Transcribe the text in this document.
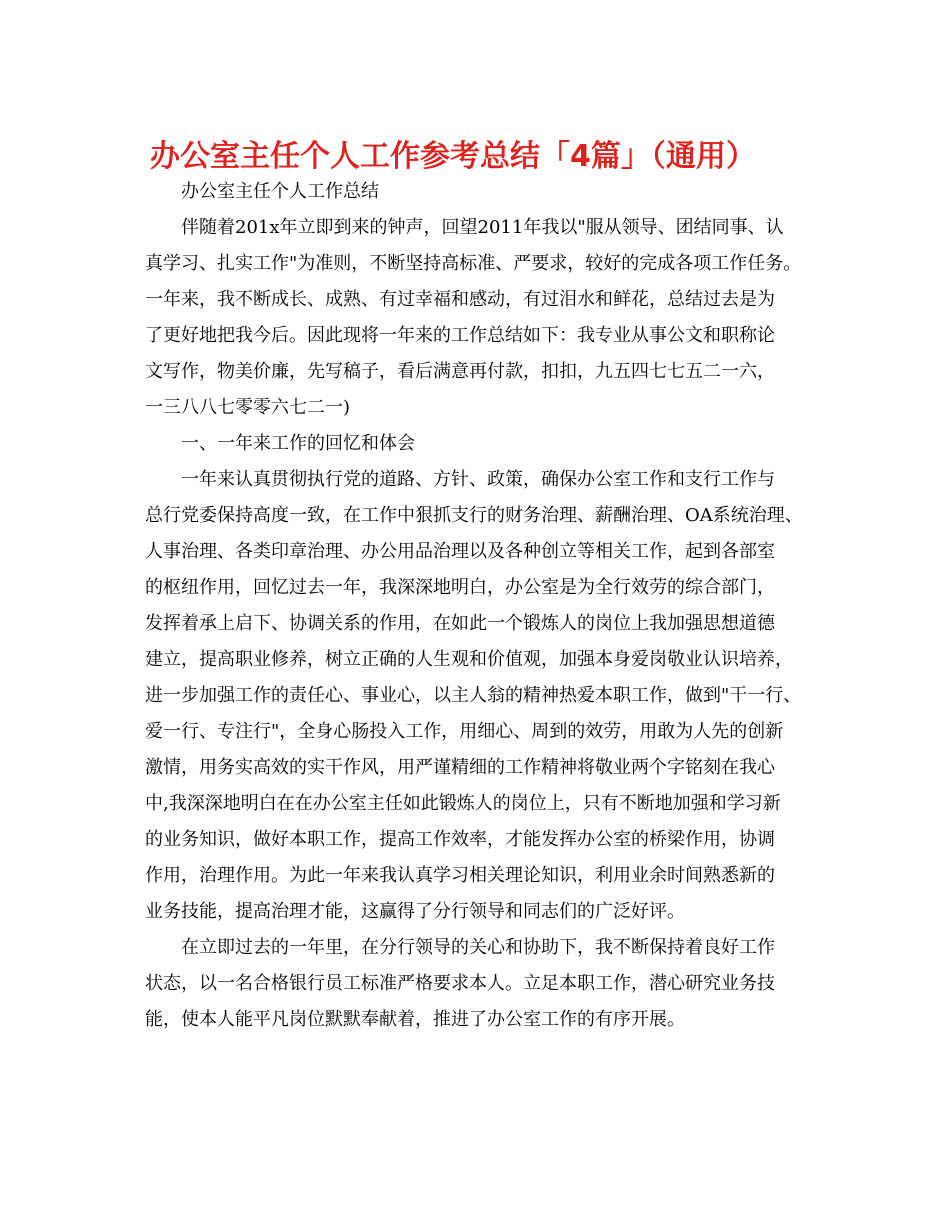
办公室主任个人工作参考总结「4篇」（通用）

办公室主任个人工作总结

伴随着201x年立即到来的钟声，回望2011年我以"服从领导、团结同事、认

真学习、扎实工作"为准则，不断坚持高标准、严要求，较好的完成各项工作任务。

一年来，我不断成长、成熟、有过幸福和感动，有过泪水和鲜花，总结过去是为

了更好地把我今后。因此现将一年来的工作总结如下：我专业从事公文和职称论

文写作，物美价廉，先写稿子，看后满意再付款，扣扣，九五四七七五二一六，

一三八八七零零六七二一)

一、一年来工作的回忆和体会

一年来认真贯彻执行党的道路、方针、政策，确保办公室工作和支行工作与

总行党委保持高度一致，在工作中狠抓支行的财务治理、薪酬治理、OA系统治理、

人事治理、各类印章治理、办公用品治理以及各种创立等相关工作，起到各部室

的枢纽作用，回忆过去一年，我深深地明白，办公室是为全行效劳的综合部门，

发挥着承上启下、协调关系的作用，在如此一个锻炼人的岗位上我加强思想道德

建立，提高职业修养，树立正确的人生观和价值观，加强本身爱岗敬业认识培养，

进一步加强工作的责任心、事业心，以主人翁的精神热爱本职工作，做到"干一行、

爱一行、专注行"，全身心肠投入工作，用细心、周到的效劳，用敢为人先的创新

激情，用务实高效的实干作风，用严谨精细的工作精神将敬业两个字铭刻在我心

中,我深深地明白在在办公室主任如此锻炼人的岗位上，只有不断地加强和学习新

的业务知识，做好本职工作，提高工作效率，才能发挥办公室的桥梁作用，协调

作用，治理作用。为此一年来我认真学习相关理论知识，利用业余时间熟悉新的

业务技能，提高治理才能，这赢得了分行领导和同志们的广泛好评。

在立即过去的一年里，在分行领导的关心和协助下，我不断保持着良好工作

状态，以一名合格银行员工标准严格要求本人。立足本职工作，潜心研究业务技

能，使本人能平凡岗位默默奉献着，推进了办公室工作的有序开展。
